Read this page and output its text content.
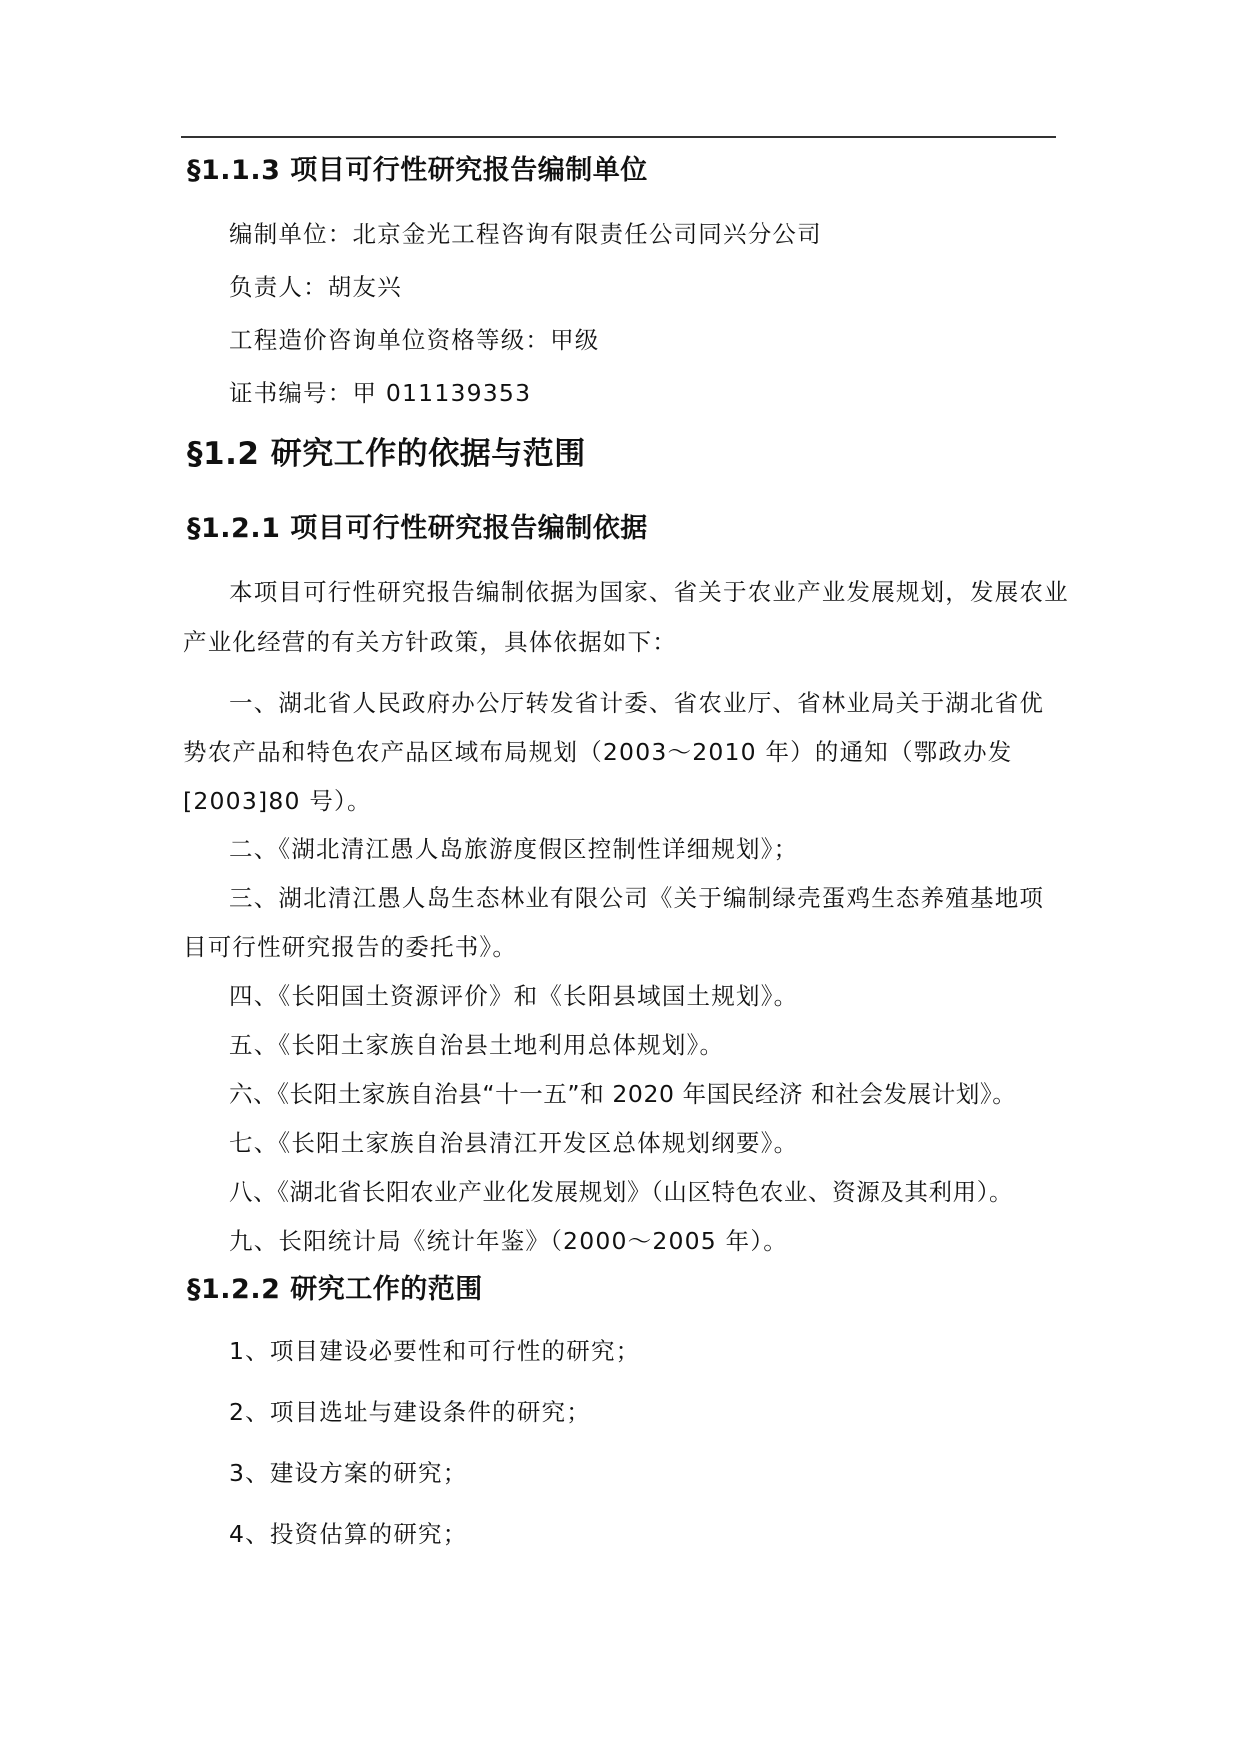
§1.1.3 项目可行性研究报告编制单位
编制单位：北京金光工程咨询有限责任公司同兴分公司
负责人：胡友兴
工程造价咨询单位资格等级：甲级
证书编号：甲 011139353
§1.2 研究工作的依据与范围
§1.2.1 项目可行性研究报告编制依据
本项目可行性研究报告编制依据为国家、省关于农业产业发展规划，发展农业
产业化经营的有关方针政策，具体依据如下：
一、湖北省人民政府办公厅转发省计委、省农业厅、省林业局关于湖北省优
势农产品和特色农产品区域布局规划（2003～2010 年）的通知（鄂政办发
[2003]80 号）。
二、《湖北清江愚人岛旅游度假区控制性详细规划》；
三、湖北清江愚人岛生态林业有限公司《关于编制绿壳蛋鸡生态养殖基地项
目可行性研究报告的委托书》。
四、《长阳国土资源评价》和《长阳县域国土规划》。
五、《长阳土家族自治县土地利用总体规划》。
六、《长阳土家族自治县“十一五”和 2020 年国民经济 和社会发展计划》。
七、《长阳土家族自治县清江开发区总体规划纲要》。
八、《湖北省长阳农业产业化发展规划》（山区特色农业、资源及其利用）。
九、长阳统计局《统计年鉴》（2000～2005 年）。
§1.2.2 研究工作的范围
1、项目建设必要性和可行性的研究；
2、项目选址与建设条件的研究；
3、建设方案的研究；
4、投资估算的研究；
